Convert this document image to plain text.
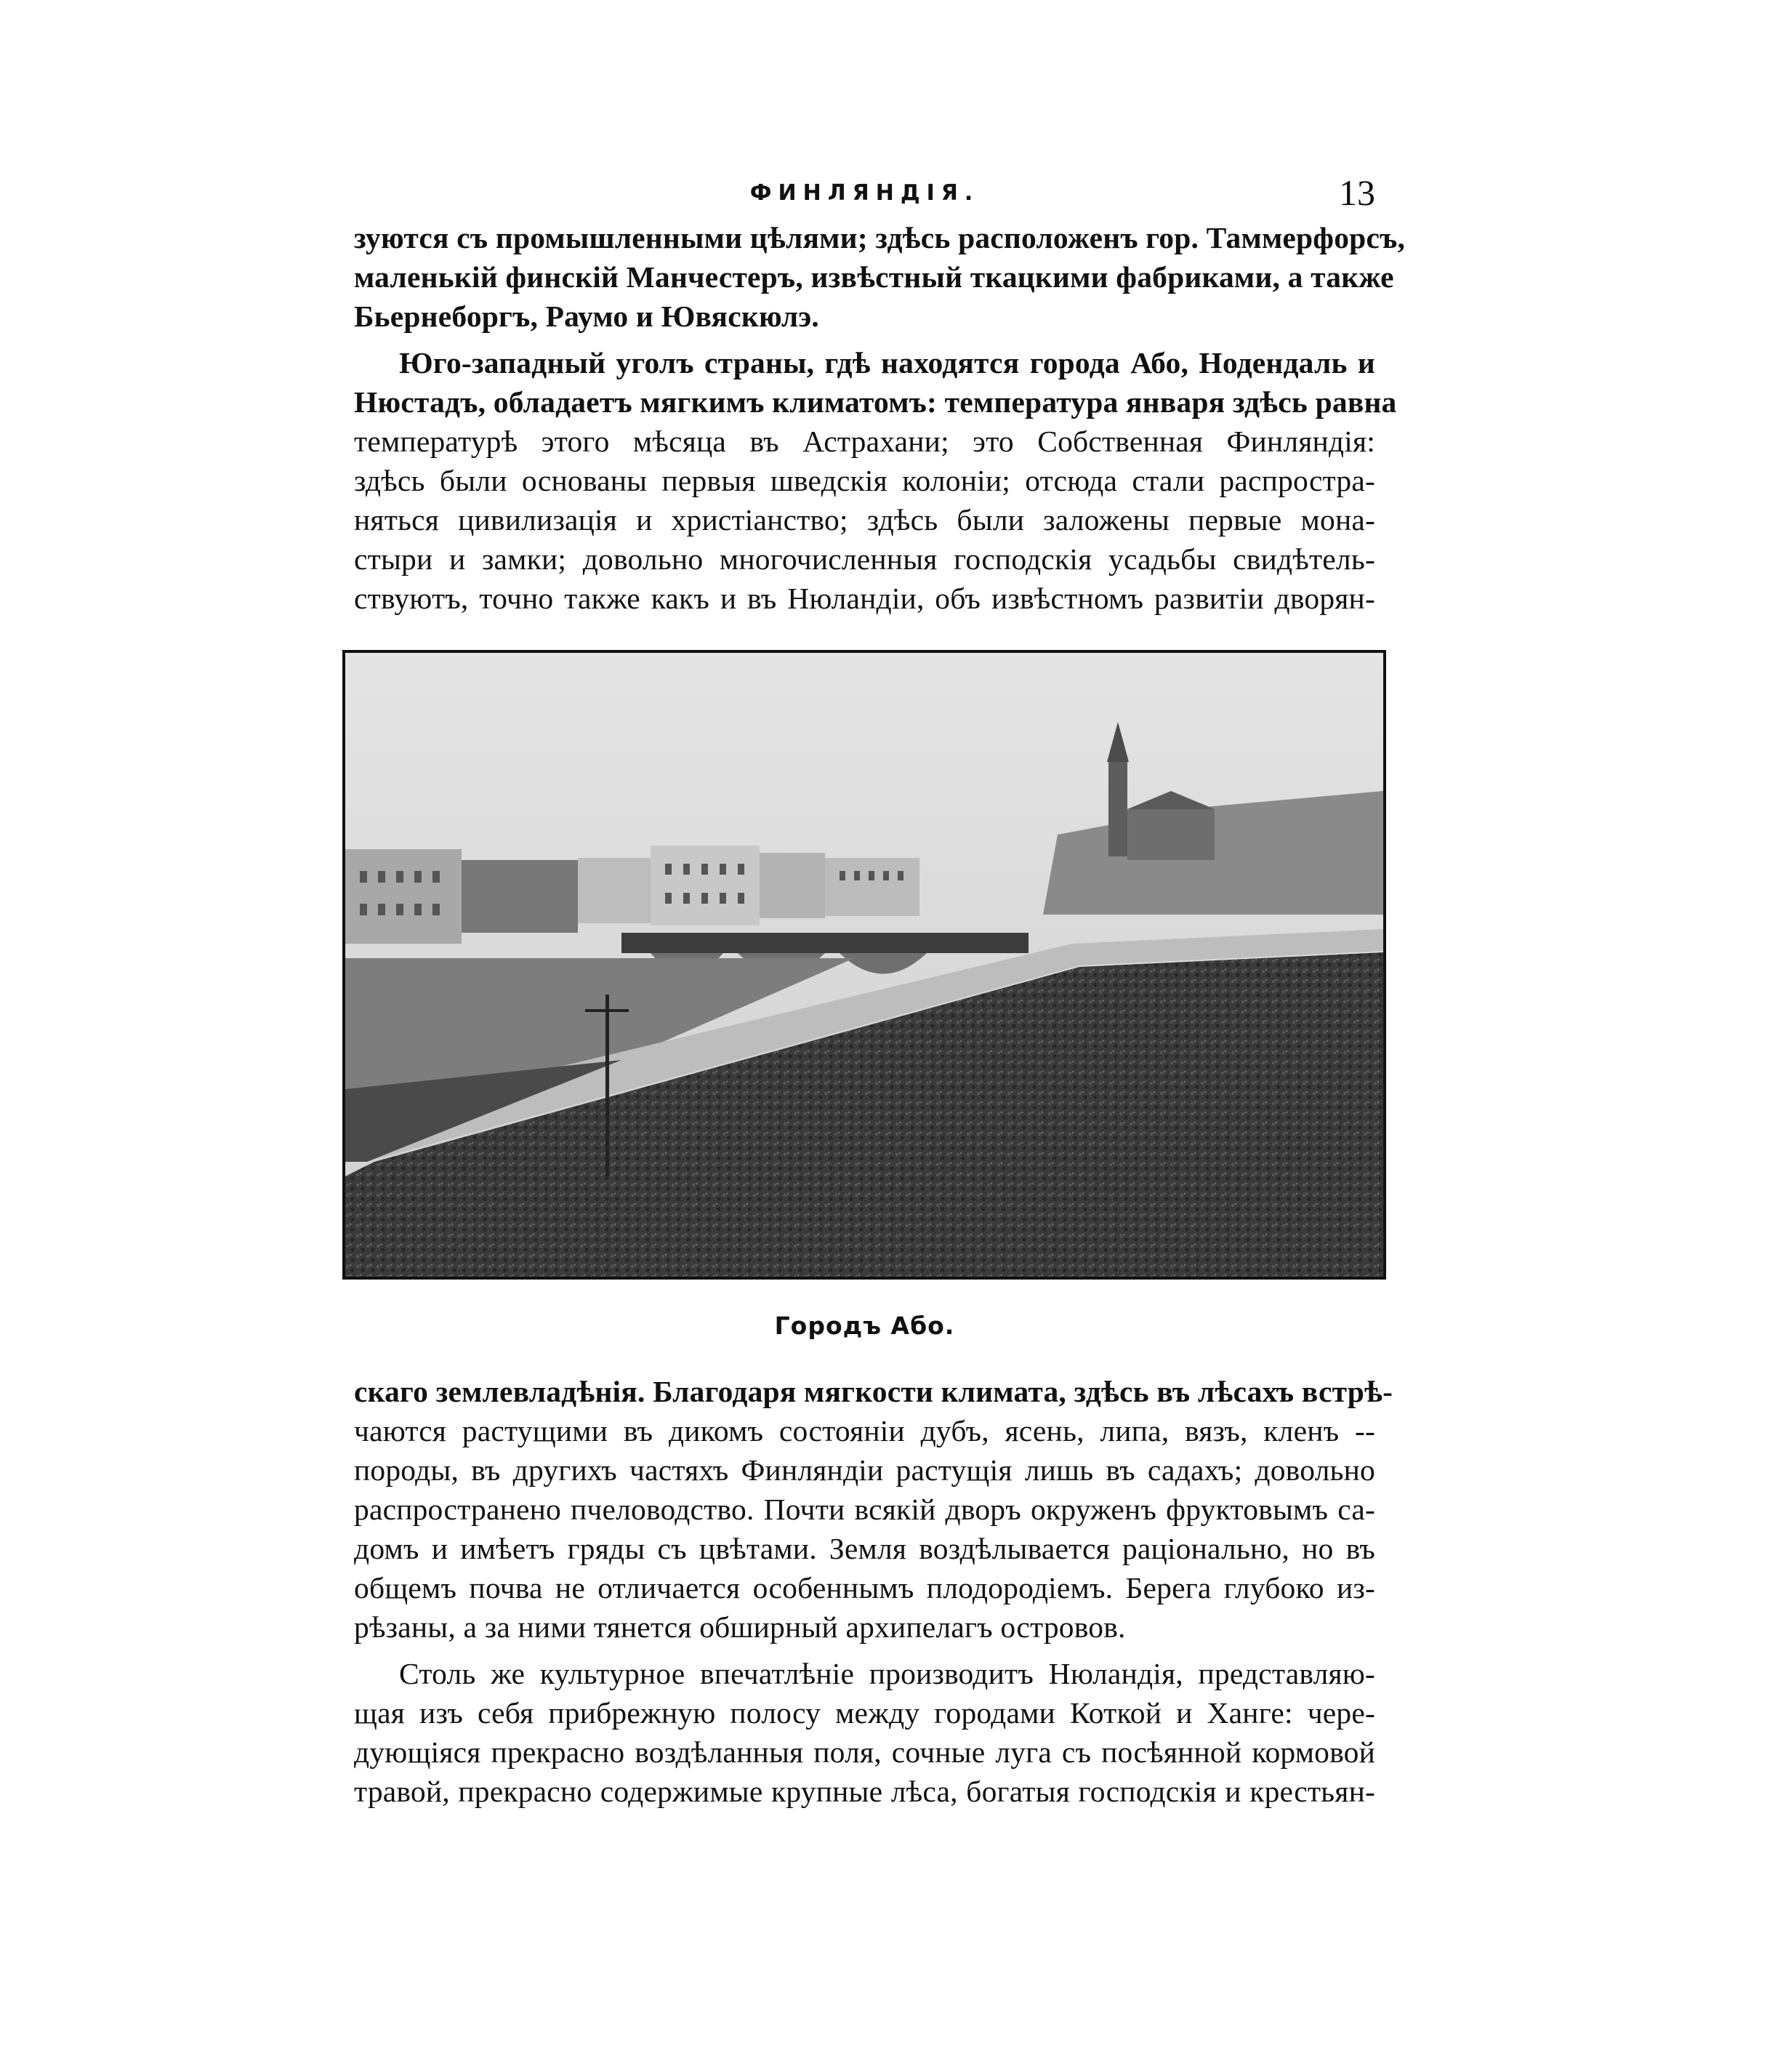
ФИНЛЯНДІЯ.	13

зуются съ промышленными цѣлями; здѣсь расположенъ гор. Таммерфорсъ,
маленькій финскій Манчестеръ, извѣстный ткацкими фабриками, а также
Бьернеборгъ, Раумо и Ювяскюлэ.

Юго-западный уголъ страны, гдѣ находятся города Або, Нодендаль и
Нюстадъ, обладаетъ мягкимъ климатомъ: температура января здѣсь равна
температурѣ этого мѣсяца въ Астрахани; это Собственная Финляндія:
здѣсь были основаны первыя шведскія колоніи; отсюда стали распростра-
няться цивилизація и христіанство; здѣсь были заложены первые мона-
стыри и замки; довольно многочисленныя господскія усадьбы свидѣтель-
ствуютъ, точно также какъ и въ Нюландіи, объ извѣстномъ развитіи дворян-

Городъ Або.

скаго землевладѣнія. Благодаря мягкости климата, здѣсь въ лѣсахъ встрѣ-
чаются растущими въ дикомъ состояніи дубъ, ясень, липа, вязъ, кленъ --
породы, въ другихъ частяхъ Финляндіи растущія лишь въ садахъ; довольно
распространено пчеловодство. Почти всякій дворъ окруженъ фруктовымъ са-
домъ и имѣетъ гряды съ цвѣтами. Земля воздѣлывается раціонально, но въ
общемъ почва не отличается особеннымъ плодородіемъ. Берега глубоко из-
рѣзаны, а за ними тянется обширный архипелагъ островов.

Столь же культурное впечатлѣніе производитъ Нюландія, представляю-
щая изъ себя прибрежную полосу между городами Коткой и Ханге: чере-
дующіяся прекрасно воздѣланныя поля, сочные луга съ посѣянной кормовой
травой, прекрасно содержимые крупные лѣса, богатыя господскія и крестьян-
